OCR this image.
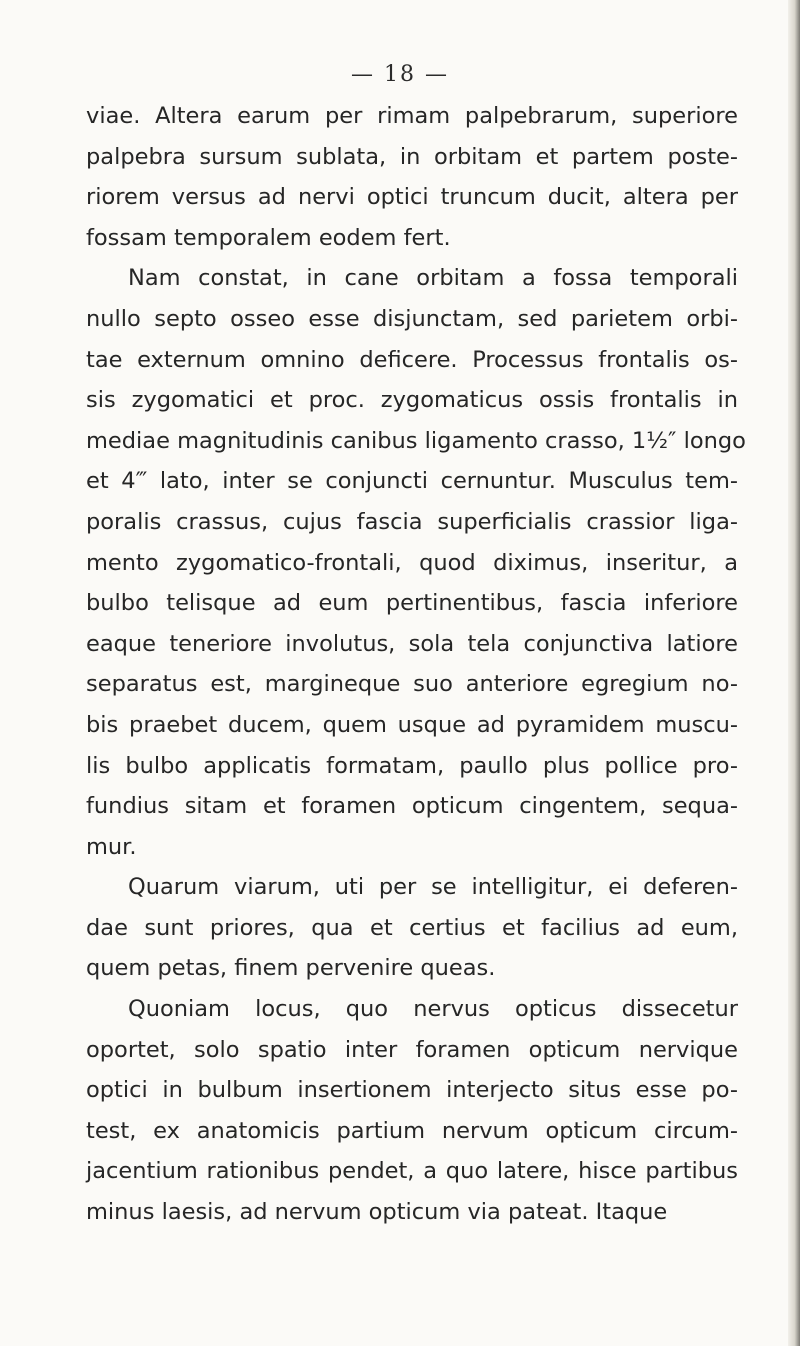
— 18 —
viae. Altera earum per rimam palpebrarum, superiore
palpebra sursum sublata, in orbitam et partem poste-
riorem versus ad nervi optici truncum ducit, altera per
fossam temporalem eodem fert.
Nam constat, in cane orbitam a fossa temporali
nullo septo osseo esse disjunctam, sed parietem orbi-
tae externum omnino deficere. Processus frontalis os-
sis zygomatici et proc. zygomaticus ossis frontalis in
mediae magnitudinis canibus ligamento crasso, 1½″ longo
et 4‴ lato, inter se conjuncti cernuntur. Musculus tem-
poralis crassus, cujus fascia superficialis crassior liga-
mento zygomatico-frontali, quod diximus, inseritur, a
bulbo telisque ad eum pertinentibus, fascia inferiore
eaque teneriore involutus, sola tela conjunctiva latiore
separatus est, margineque suo anteriore egregium no-
bis praebet ducem, quem usque ad pyramidem muscu-
lis bulbo applicatis formatam, paullo plus pollice pro-
fundius sitam et foramen opticum cingentem, sequa-
mur.
Quarum viarum, uti per se intelligitur, ei deferen-
dae sunt priores, qua et certius et facilius ad eum,
quem petas, finem pervenire queas.
Quoniam locus, quo nervus opticus dissecetur
oportet, solo spatio inter foramen opticum nervique
optici in bulbum insertionem interjecto situs esse po-
test, ex anatomicis partium nervum opticum circum-
jacentium rationibus pendet, a quo latere, hisce partibus
minus laesis, ad nervum opticum via pateat. Itaque
